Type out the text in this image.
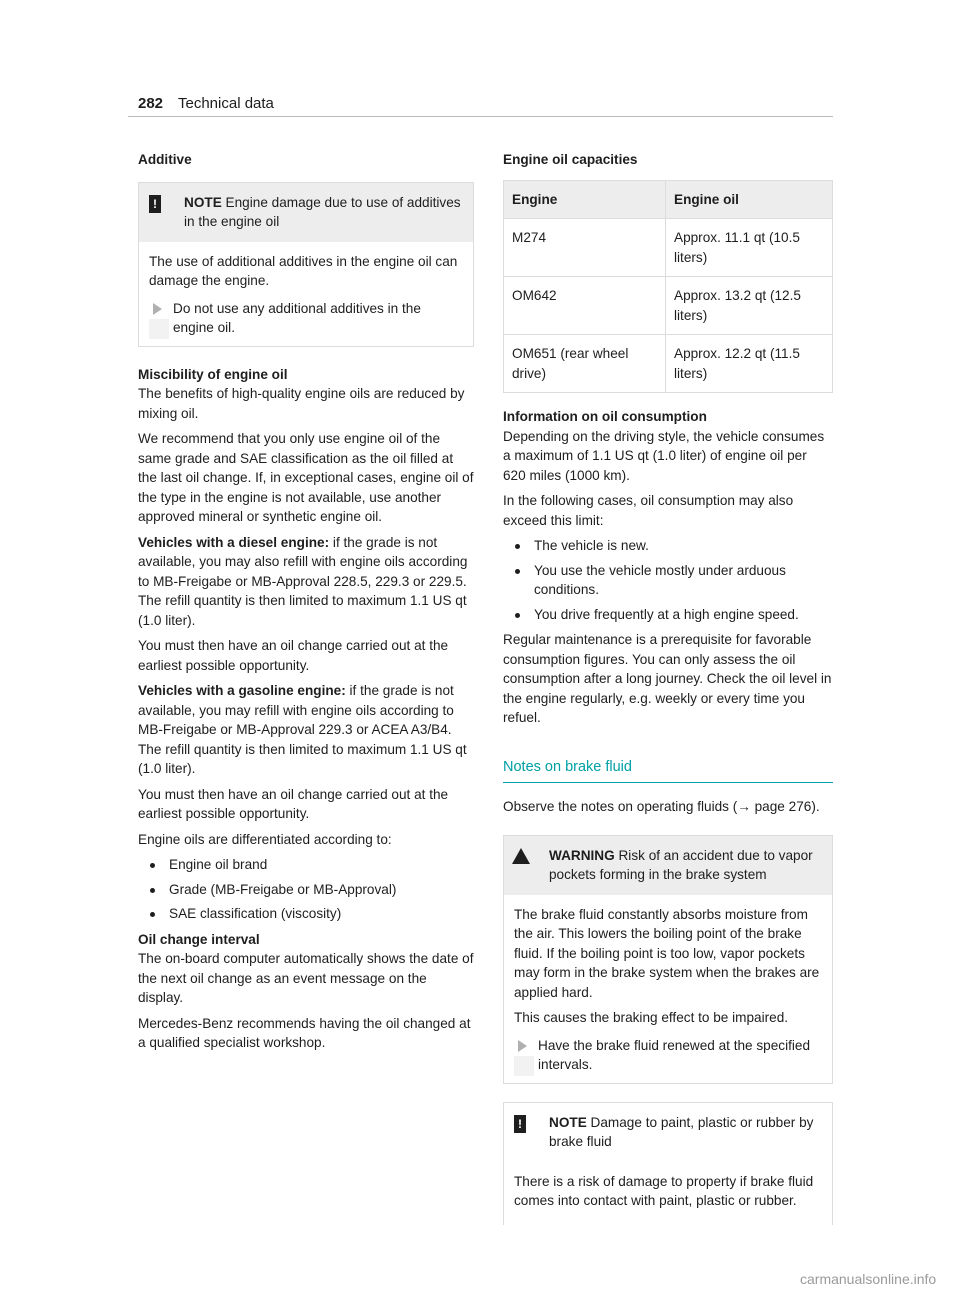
282 Technical data

Additive

!	NOTE Engine damage due to use of additives in the engine oil

The use of additional additives in the engine oil can damage the engine.

Do not use any additional additives in the engine oil.

Miscibility of engine oil

The benefits of high-quality engine oils are reduced by mixing oil.

We recommend that you only use engine oil of the same grade and SAE classification as the oil filled at the last oil change. If, in exceptional cases, engine oil of the type in the engine is not available, use another approved mineral or synthetic engine oil.

Vehicles with a diesel engine: if the grade is not available, you may also refill with engine oils according to MB-Freigabe or MB-Approval 228.5, 229.3 or 229.5. The refill quantity is then limited to maximum 1.1 US qt (1.0 liter).

You must then have an oil change carried out at the earliest possible opportunity.

Vehicles with a gasoline engine: if the grade is not available, you may refill with engine oils according to MB-Freigabe or MB-Approval 229.3 or ACEA A3/B4. The refill quantity is then limited to maximum 1.1 US qt (1.0 liter).

You must then have an oil change carried out at the earliest possible opportunity.

Engine oils are differentiated according to:

Engine oil brand
Grade (MB-Freigabe or MB-Approval)
SAE classification (viscosity)

Oil change interval

The on-board computer automatically shows the date of the next oil change as an event message on the display.

Mercedes-Benz recommends having the oil changed at a qualified specialist workshop.

Engine oil capacities

Engine	Engine oil
M274	Approx. 11.1 qt (10.5 liters)
OM642	Approx. 13.2 qt (12.5 liters)
OM651 (rear wheel drive)	Approx. 12.2 qt (11.5 liters)

Information on oil consumption

Depending on the driving style, the vehicle consumes a maximum of 1.1 US qt (1.0 liter) of engine oil per 620 miles (1000 km).

In the following cases, oil consumption may also exceed this limit:

The vehicle is new.
You use the vehicle mostly under arduous conditions.
You drive frequently at a high engine speed.

Regular maintenance is a prerequisite for favorable consumption figures. You can only assess the oil consumption after a long journey. Check the oil level in the engine regularly, e.g. weekly or every time you refuel.

Notes on brake fluid

Observe the notes on operating fluids (→ page 276).

WARNING Risk of an accident due to vapor pockets forming in the brake system

The brake fluid constantly absorbs moisture from the air. This lowers the boiling point of the brake fluid. If the boiling point is too low, vapor pockets may form in the brake system when the brakes are applied hard.

This causes the braking effect to be impaired.

Have the brake fluid renewed at the specified intervals.
!	NOTE Damage to paint, plastic or rubber by brake fluid

There is a risk of damage to property if brake fluid comes into contact with paint, plastic or rubber.

carmanualsonline.info
